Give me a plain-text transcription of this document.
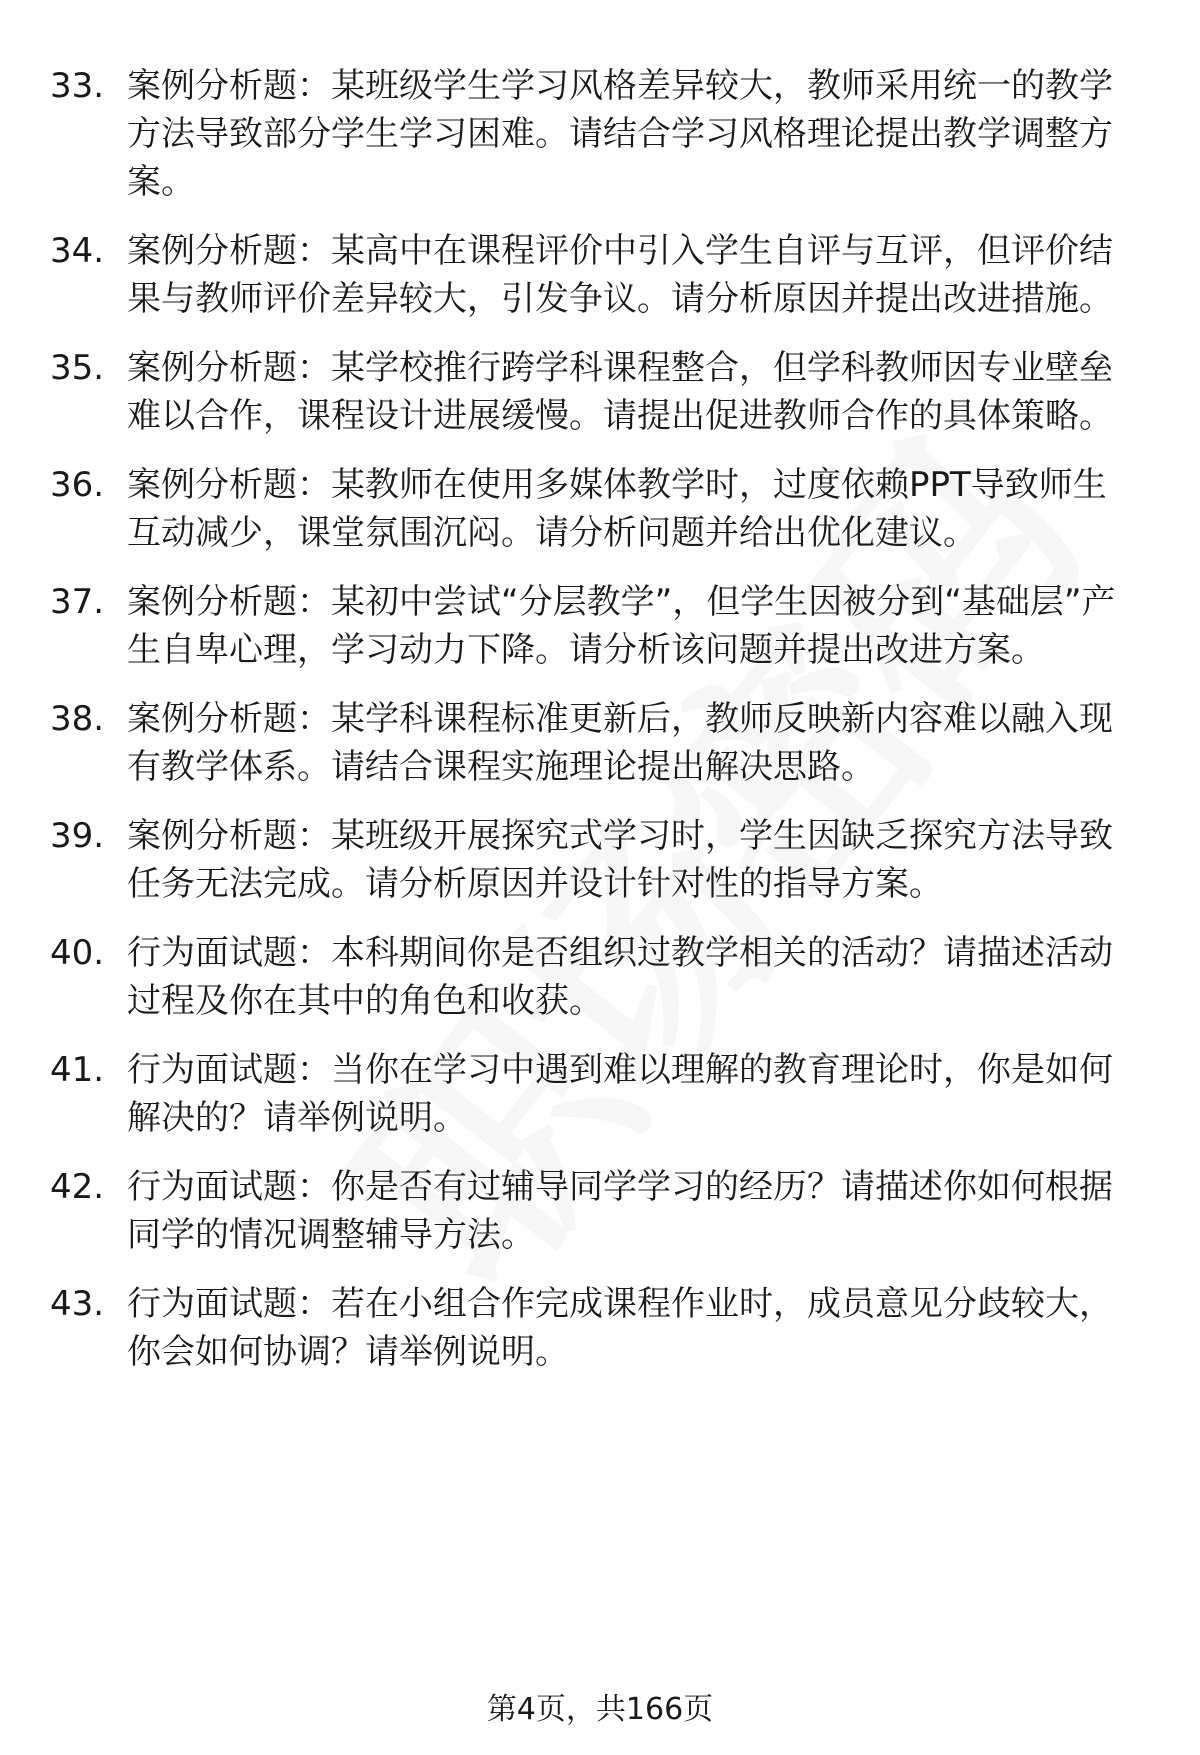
33. 案例分析题：某班级学生学习风格差异较大，教师采用统一的教学方法导致部分学生学习困难。请结合学习风格理论提出教学调整方案。
34. 案例分析题：某高中在课程评价中引入学生自评与互评，但评价结果与教师评价差异较大，引发争议。请分析原因并提出改进措施。
35. 案例分析题：某学校推行跨学科课程整合，但学科教师因专业壁垒难以合作，课程设计进展缓慢。请提出促进教师合作的具体策略。
36. 案例分析题：某教师在使用多媒体教学时，过度依赖PPT导致师生互动减少，课堂氛围沉闷。请分析问题并给出优化建议。
37. 案例分析题：某初中尝试“分层教学”，但学生因被分到“基础层”产生自卑心理，学习动力下降。请分析该问题并提出改进方案。
38. 案例分析题：某学科课程标准更新后，教师反映新内容难以融入现有教学体系。请结合课程实施理论提出解决思路。
39. 案例分析题：某班级开展探究式学习时，学生因缺乏探究方法导致任务无法完成。请分析原因并设计针对性的指导方案。
40. 行为面试题：本科期间你是否组织过教学相关的活动？请描述活动过程及你在其中的角色和收获。
41. 行为面试题：当你在学习中遇到难以理解的教育理论时，你是如何解决的？请举例说明。
42. 行为面试题：你是否有过辅导同学学习的经历？请描述你如何根据同学的情况调整辅导方法。
43. 行为面试题：若在小组合作完成课程作业时，成员意见分歧较大，你会如何协调？请举例说明。
第4页，共166页
